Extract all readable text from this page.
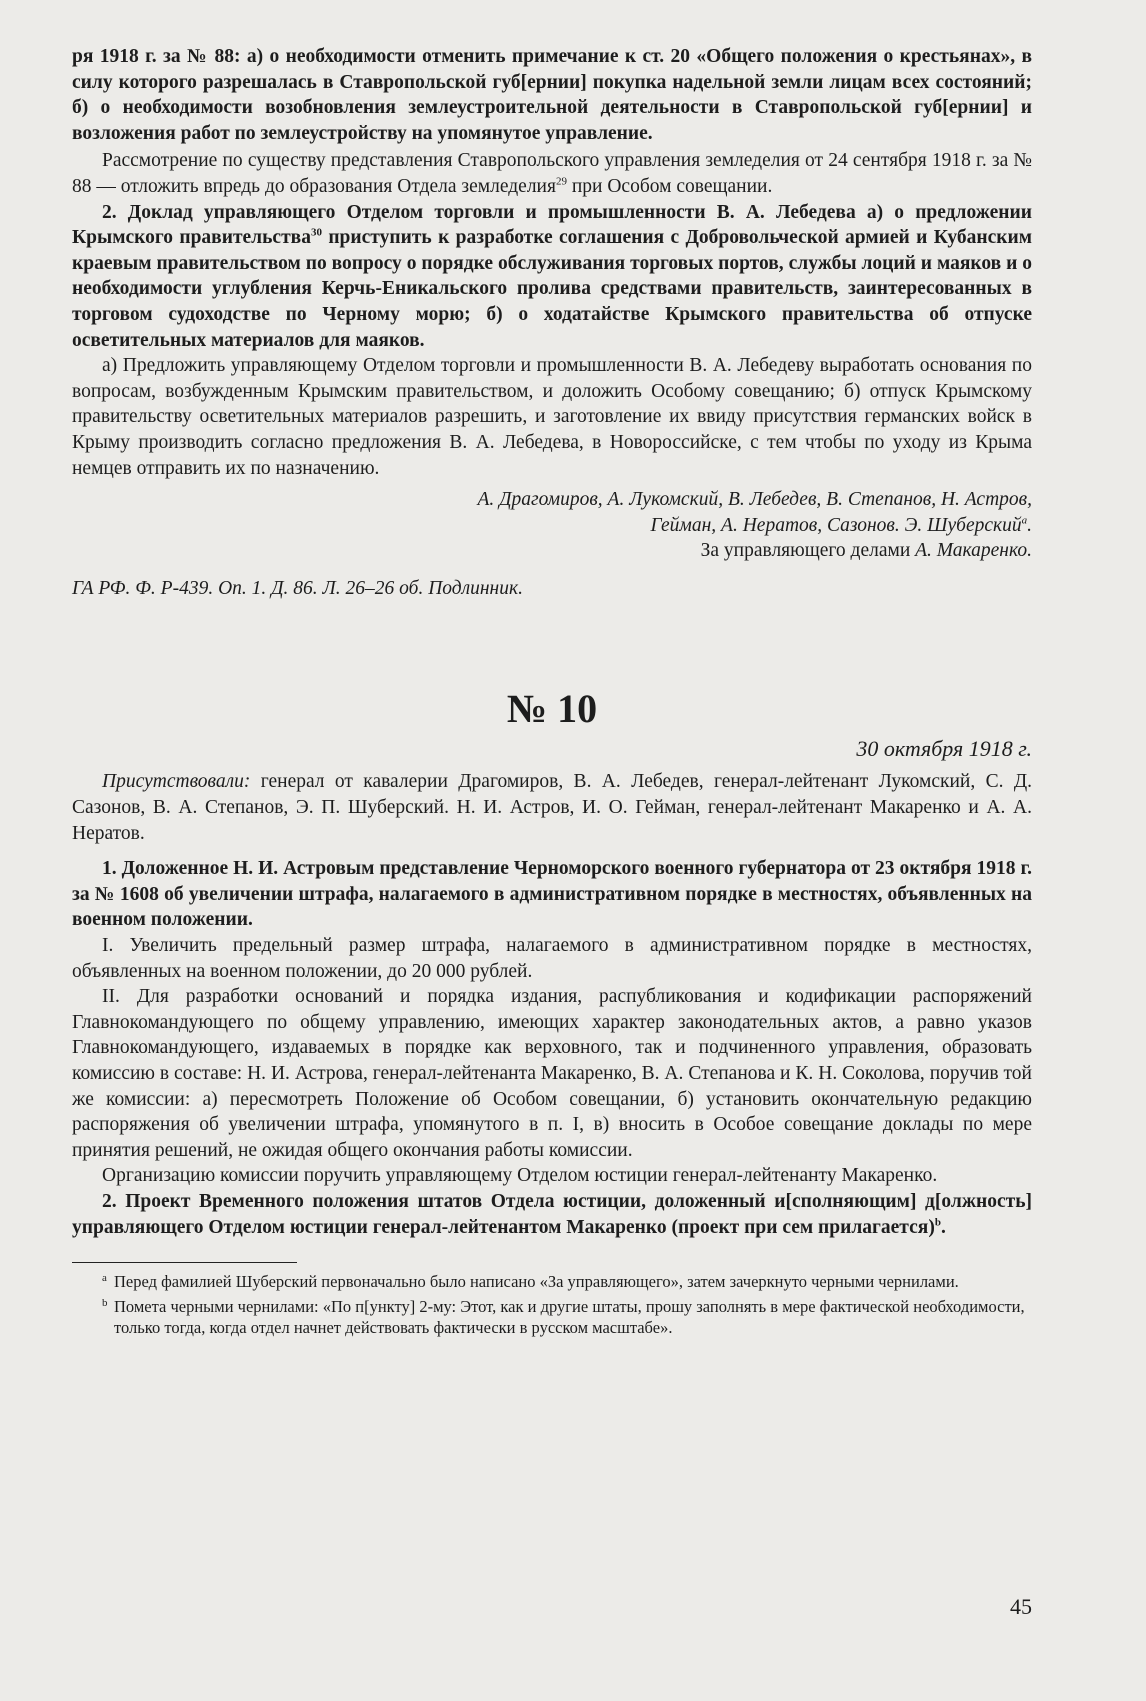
ря 1918 г. за № 88: а) о необходимости отменить примечание к ст. 20 «Общего положения о крестьянах», в силу которого разрешалась в Ставропольской губ[ернии] покупка надельной земли лицам всех состояний; б) о необходимости возобновления землеустроительной деятельности в Ставропольской губ[ернии] и возложения работ по землеустройству на упомянутое управление.

Рассмотрение по существу представления Ставропольского управления земледелия от 24 сентября 1918 г. за № 88 — отложить впредь до образования Отдела земледелия$^{29}$ при Особом совещании.

2. Доклад управляющего Отделом торговли и промышленности В. А. Лебедева а) о предложении Крымского правительства$^{30}$ приступить к разработке соглашения с Добровольческой армией и Кубанским краевым правительством по вопросу о порядке обслуживания торговых портов, службы лоций и маяков и о необходимости углубления Керчь-Еникальского пролива средствами правительств, заинтересованных в торговом судоходстве по Черному морю; б) о ходатайстве Крымского правительства об отпуске осветительных материалов для маяков.

а) Предложить управляющему Отделом торговли и промышленности В. А. Лебедеву выработать основания по вопросам, возбужденным Крымским правительством, и доложить Особому совещанию; б) отпуск Крымскому правительству осветительных материалов разрешить, и заготовление их ввиду присутствия германских войск в Крыму производить согласно предложения В. А. Лебедева, в Новороссийске, с тем чтобы по уходу из Крыма немцев отправить их по назначению.

А. Драгомиров, А. Лукомский, В. Лебедев, В. Степанов, Н. Астров,

Гейман, А. Нератов, Сазонов. Э. Шуберский$^а$.

За управляющего делами А. Макаренко.

ГА РФ. Ф. Р-439. Оп. 1. Д. 86. Л. 26–26 об. Подлинник.

№ 10
30 октября 1918 г.

Присутствовали: генерал от кавалерии Драгомиров, В. А. Лебедев, генерал-лейтенант Лукомский, С. Д. Сазонов, В. А. Степанов, Э. П. Шуберский. Н. И. Астров, И. О. Гейман, генерал-лейтенант Макаренко и А. А. Нератов.

1. Доложенное Н. И. Астровым представление Черноморского военного губернатора от 23 октября 1918 г. за № 1608 об увеличении штрафа, налагаемого в административном порядке в местностях, объявленных на военном положении.

I. Увеличить предельный размер штрафа, налагаемого в административном порядке в местностях, объявленных на военном положении, до 20 000 рублей.

II. Для разработки оснований и порядка издания, распубликования и кодификации распоряжений Главнокомандующего по общему управлению, имеющих характер законодательных актов, а равно указов Главнокомандующего, издаваемых в порядке как верховного, так и подчиненного управления, образовать комиссию в составе: Н. И. Астрова, генерал-лейтенанта Макаренко, В. А. Степанова и К. Н. Соколова, поручив той же комиссии: а) пересмотреть Положение об Особом совещании, б) установить окончательную редакцию распоряжения об увеличении штрафа, упомянутого в п. I, в) вносить в Особое совещание доклады по мере принятия решений, не ожидая общего окончания работы комиссии.

Организацию комиссии поручить управляющему Отделом юстиции генерал-лейтенанту Макаренко.

2. Проект Временного положения штатов Отдела юстиции, доложенный и[сполняющим] д[олжность] управляющего Отделом юстиции генерал-лейтенантом Макаренко (проект при сем прилагается)$^b$.

a Перед фамилией Шуберский первоначально было написано «За управляющего», затем зачеркнуто черными чернилами.
b Помета черными чернилами: «По п[ункту] 2-му: Этот, как и другие штаты, прошу заполнять в мере фактической необходимости, только тогда, когда отдел начнет действовать фактически в русском масштабе».
45
